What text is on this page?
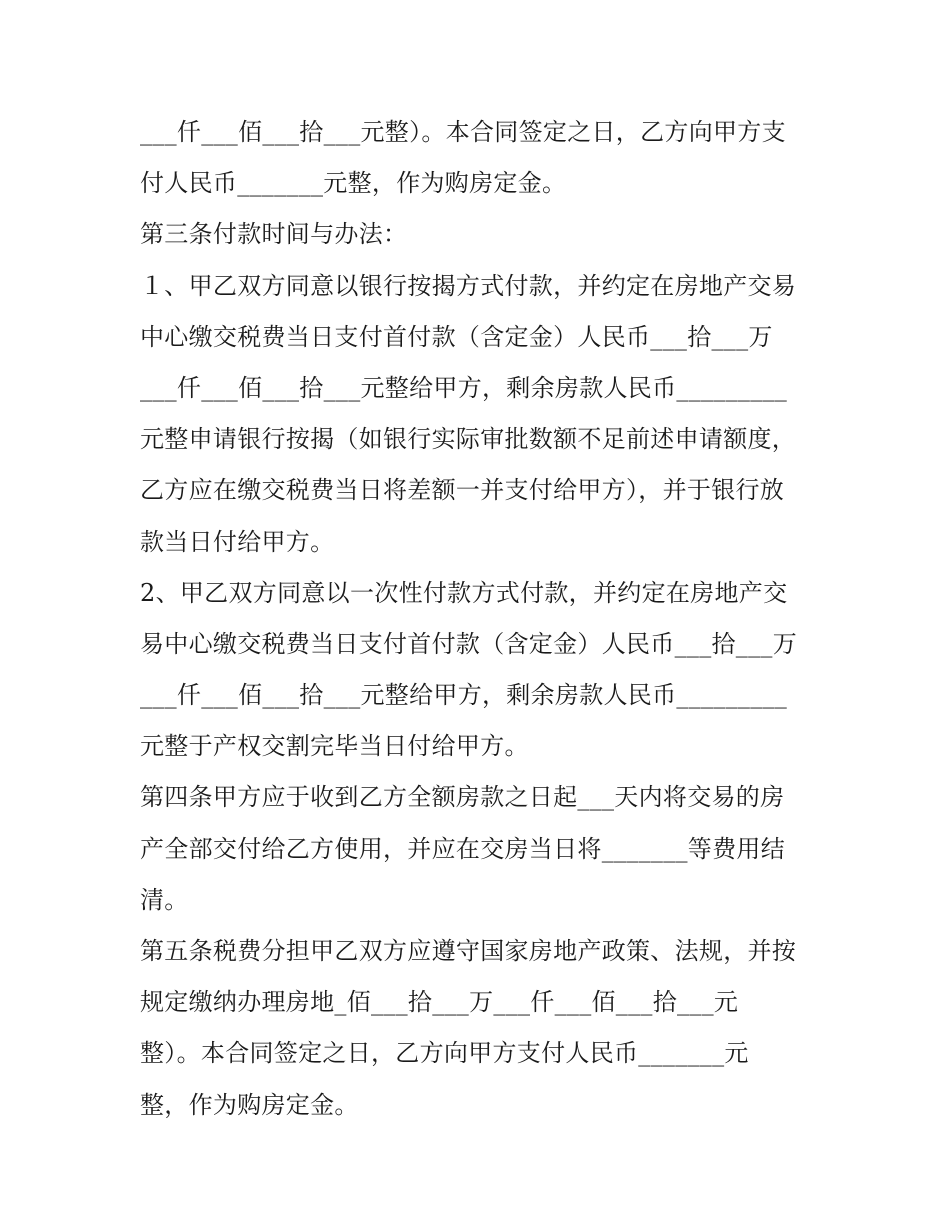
___仟___佰___拾___元整）。本合同签定之日，乙方向甲方支
付人民币_______元整，作为购房定金。
第三条付款时间与办法：
１、甲乙双方同意以银行按揭方式付款，并约定在房地产交易
中心缴交税费当日支付首付款（含定金）人民币___拾___万
___仟___佰___拾___元整给甲方，剩余房款人民币_________
元整申请银行按揭（如银行实际审批数额不足前述申请额度，
乙方应在缴交税费当日将差额一并支付给甲方），并于银行放
款当日付给甲方。
2、甲乙双方同意以一次性付款方式付款，并约定在房地产交
易中心缴交税费当日支付首付款（含定金）人民币___拾___万
___仟___佰___拾___元整给甲方，剩余房款人民币_________
元整于产权交割完毕当日付给甲方。
第四条甲方应于收到乙方全额房款之日起___天内将交易的房
产全部交付给乙方使用，并应在交房当日将_______等费用结
清。
第五条税费分担甲乙双方应遵守国家房地产政策、法规，并按
规定缴纳办理房地_佰___拾___万___仟___佰___拾___元
整）。本合同签定之日，乙方向甲方支付人民币_______元
整，作为购房定金。
